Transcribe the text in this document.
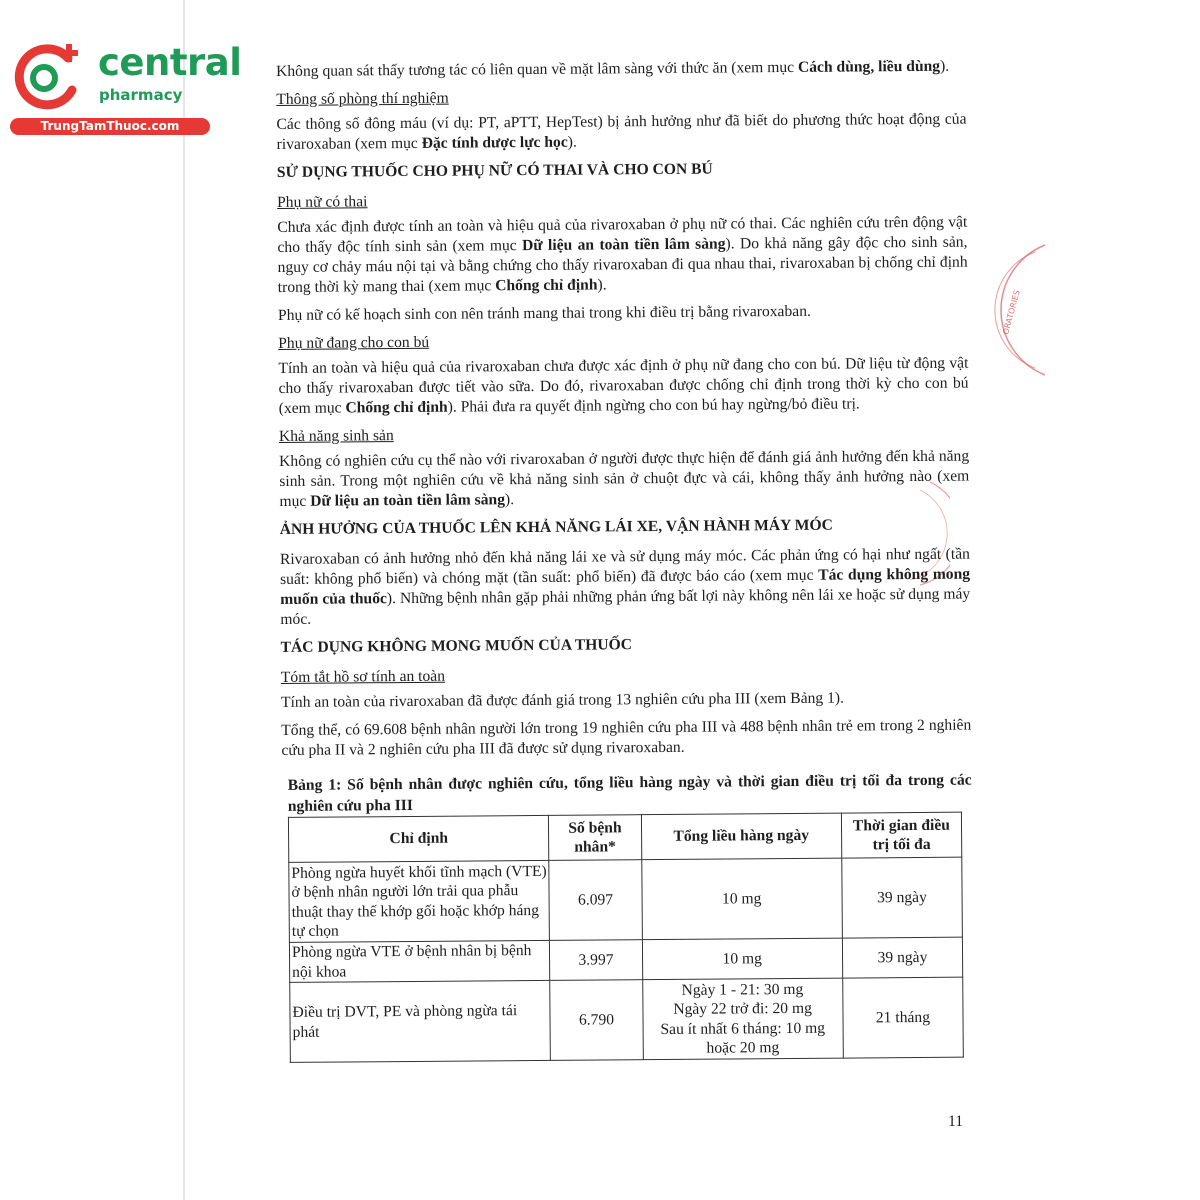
central
pharmacy
TrungTamThuoc.com
ORATORIES

Không quan sát thấy tương tác có liên quan về mặt lâm sàng với thức ăn (xem mục Cách dùng, liều dùng).

Thông số phòng thí nghiệm

Các thông số đông máu (ví dụ: PT, aPTT, HepTest) bị ảnh hưởng như đã biết do phương thức hoạt động của rivaroxaban (xem mục Đặc tính dược lực học).

SỬ DỤNG THUỐC CHO PHỤ NỮ CÓ THAI VÀ CHO CON BÚ

Phụ nữ có thai

Chưa xác định được tính an toàn và hiệu quả của rivaroxaban ở phụ nữ có thai. Các nghiên cứu trên động vật cho thấy độc tính sinh sản (xem mục Dữ liệu an toàn tiền lâm sàng). Do khả năng gây độc cho sinh sản, nguy cơ chảy máu nội tại và bằng chứng cho thấy rivaroxaban đi qua nhau thai, rivaroxaban bị chống chỉ định trong thời kỳ mang thai (xem mục Chống chỉ định).

Phụ nữ có kế hoạch sinh con nên tránh mang thai trong khi điều trị bằng rivaroxaban.

Phụ nữ đang cho con bú

Tính an toàn và hiệu quả của rivaroxaban chưa được xác định ở phụ nữ đang cho con bú. Dữ liệu từ động vật cho thấy rivaroxaban được tiết vào sữa. Do đó, rivaroxaban được chống chỉ định trong thời kỳ cho con bú (xem mục Chống chỉ định). Phải đưa ra quyết định ngừng cho con bú hay ngừng/bỏ điều trị.

Khả năng sinh sản

Không có nghiên cứu cụ thể nào với rivaroxaban ở người được thực hiện để đánh giá ảnh hưởng đến khả năng sinh sản. Trong một nghiên cứu về khả năng sinh sản ở chuột đực và cái, không thấy ảnh hưởng nào (xem mục Dữ liệu an toàn tiền lâm sàng).

ẢNH HƯỞNG CỦA THUỐC LÊN KHẢ NĂNG LÁI XE, VẬN HÀNH MÁY MÓC

Rivaroxaban có ảnh hưởng nhỏ đến khả năng lái xe và sử dụng máy móc. Các phản ứng có hại như ngất (tần suất: không phổ biến) và chóng mặt (tần suất: phổ biến) đã được báo cáo (xem mục Tác dụng không mong muốn của thuốc). Những bệnh nhân gặp phải những phản ứng bất lợi này không nên lái xe hoặc sử dụng máy móc.

TÁC DỤNG KHÔNG MONG MUỐN CỦA THUỐC

Tóm tắt hồ sơ tính an toàn

Tính an toàn của rivaroxaban đã được đánh giá trong 13 nghiên cứu pha III (xem Bảng 1).

Tổng thể, có 69.608 bệnh nhân người lớn trong 19 nghiên cứu pha III và 488 bệnh nhân trẻ em trong 2 nghiên cứu pha II và 2 nghiên cứu pha III đã được sử dụng rivaroxaban.

Bảng 1: Số bệnh nhân được nghiên cứu, tổng liều hàng ngày và thời gian điều trị tối đa trong các nghiên cứu pha III

Chỉ định	Số bệnh nhân*	Tổng liều hàng ngày	Thời gian điều trị tối đa
Phòng ngừa huyết khối tĩnh mạch (VTE) ở bệnh nhân người lớn trải qua phẫu thuật thay thế khớp gối hoặc khớp háng tự chọn	6.097	10 mg	39 ngày
Phòng ngừa VTE ở bệnh nhân bị bệnh nội khoa	3.997	10 mg	39 ngày
Điều trị DVT, PE và phòng ngừa tái phát	6.790	Ngày 1 - 21: 30 mg
Ngày 22 trở đi: 20 mg
Sau ít nhất 6 tháng: 10 mg
hoặc 20 mg	21 tháng
11
